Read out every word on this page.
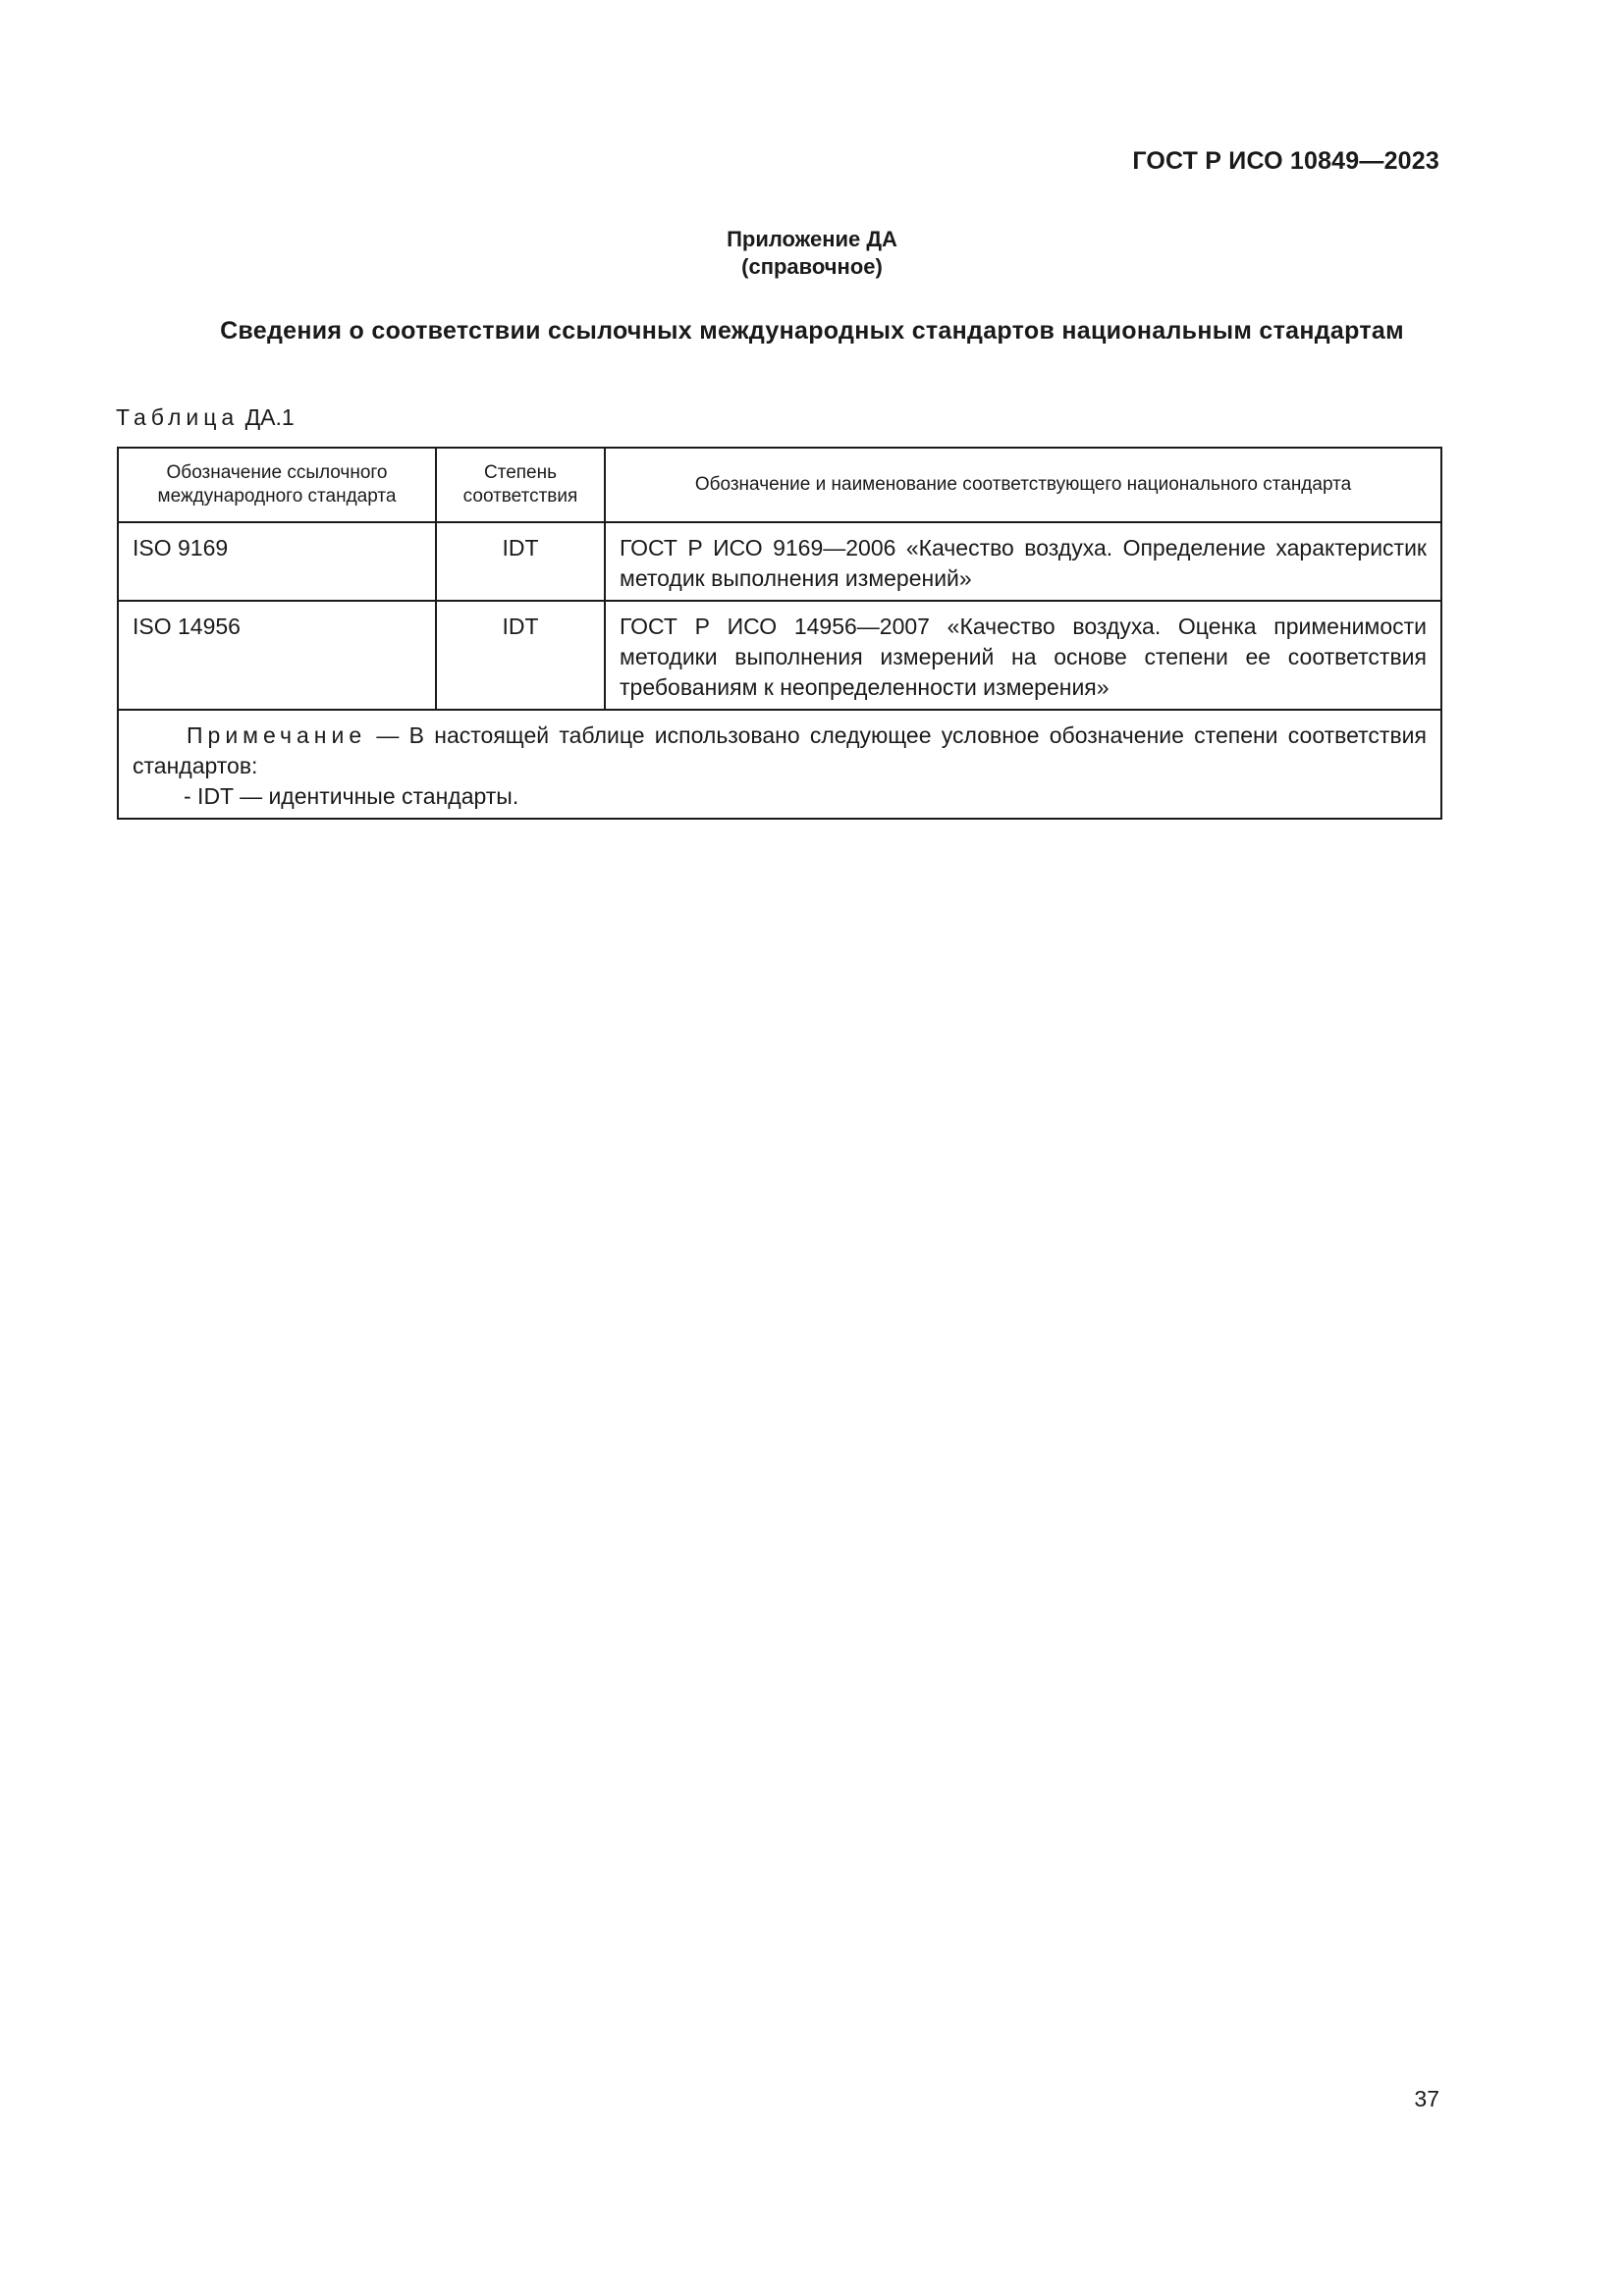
ГОСТ Р ИСО 10849—2023
Приложение ДА
(справочное)
Сведения о соответствии ссылочных международных стандартов национальным стандартам
Таблица ДА.1
Обозначение ссылочного международного стандарта	Степень соответствия	Обозначение и наименование соответствующего национального стандарта
ISO 9169	IDT	ГОСТ Р ИСО 9169—2006 «Качество воздуха. Определение характеристик методик выполнения измерений»
ISO 14956	IDT	ГОСТ Р ИСО 14956—2007 «Качество воздуха. Оценка применимости методики выполнения измерений на основе степени ее соответствия требованиям к неопределенности измерения»

Примечание — В настоящей таблице использовано следующее условное обозначение степени соответствия стандартов:
- IDT — идентичные стандарты.		
37
